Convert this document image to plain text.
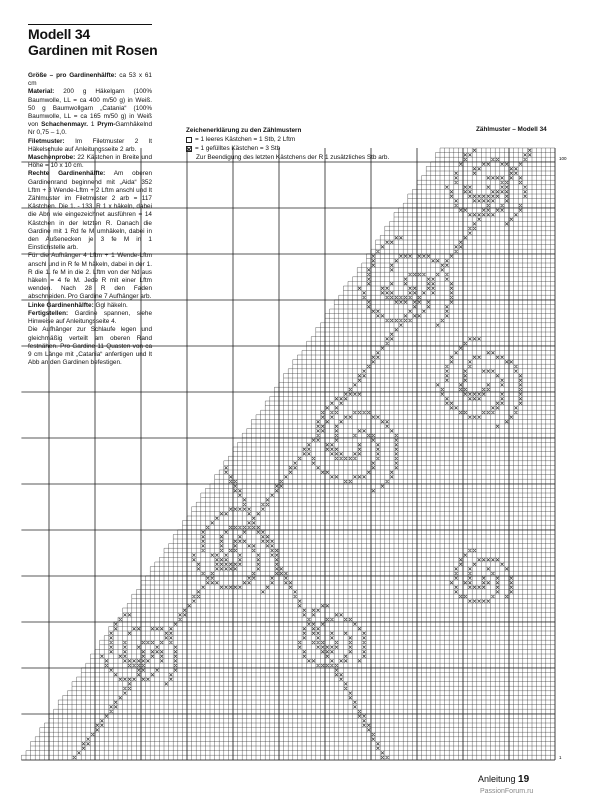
Modell 34
Gardinen mit Rosen

Größe – pro Gardinenhälfte: ca 53 x 61 cm

Material: 200 g Häkelgarn (100% Baumwolle, LL = ca 400 m/50 g) in Weiß. 50 g Baumwollgarn „Catania“ (100% Baumwolle, LL = ca 165 m/50 g) in Weiß von Schachenmayr. 1 Prym-Garnhäkelnd Nr 0,75 – 1,0.

Filetmuster: Im Filetmuster 2 lt Häkelschule auf Anleitungsseite 2 arb.

Maschenprobe: 22 Kästchen in Breite und Höhe = 10 x 10 cm.

Rechte Gardinenhälfte: Am oberen Gardinenrand beginnend mit „Aida“ 352 Lftm + 3 Wende-Lftm + 2 Lftm anschl und lt Zählmuster im Filetmuster 2 arb = 117 Kästchen. Die 1. - 133. R 1 x häkeln, dabei die Abn wie eingezeichnet ausführen = 14 Kästchen in der letzten R. Danach die Gardine mit 1 Rd fe M umhäkeln, dabei in den Außenecken je 3 fe M in 1 Einstichstelle arb.

Für die Aufhänger 4 Lftm + 1 Wende-Lftm anschl und in R fe M häkeln, dabei in der 1. R die 1. fe M in die 2. Lftm von der Nd aus häkeln = 4 fe M. Jede R mit einer Lftm wenden. Nach 28 R den Faden abschneiden. Pro Gardine 7 Aufhänger arb.

Linke Gardinenhälfte: Ggl häkeln.

Fertigstellen: Gardine spannen, siehe Hinweise auf Anleitungsseite 4.

Die Aufhänger zur Schlaufe legen und gleichmäßig verteilt am oberen Rand festnähen. Pro Gardine 11 Quasten von ca 9 cm Länge mit „Catania“ anfertigen und lt Abb an den Gardinen befestigen.

Zeichenerklärung zu den Zählmustern
= 1 leeres Kästchen = 1 Stb, 2 Lftm
= 1 gefülltes Kästchen = 3 Stb
Zur Beendigung des letzten Kästchens der R 1 zusätzliches Stb arb.
Zählmuster – Modell 34
100
1
Anleitung 19
PassionForum.ru
